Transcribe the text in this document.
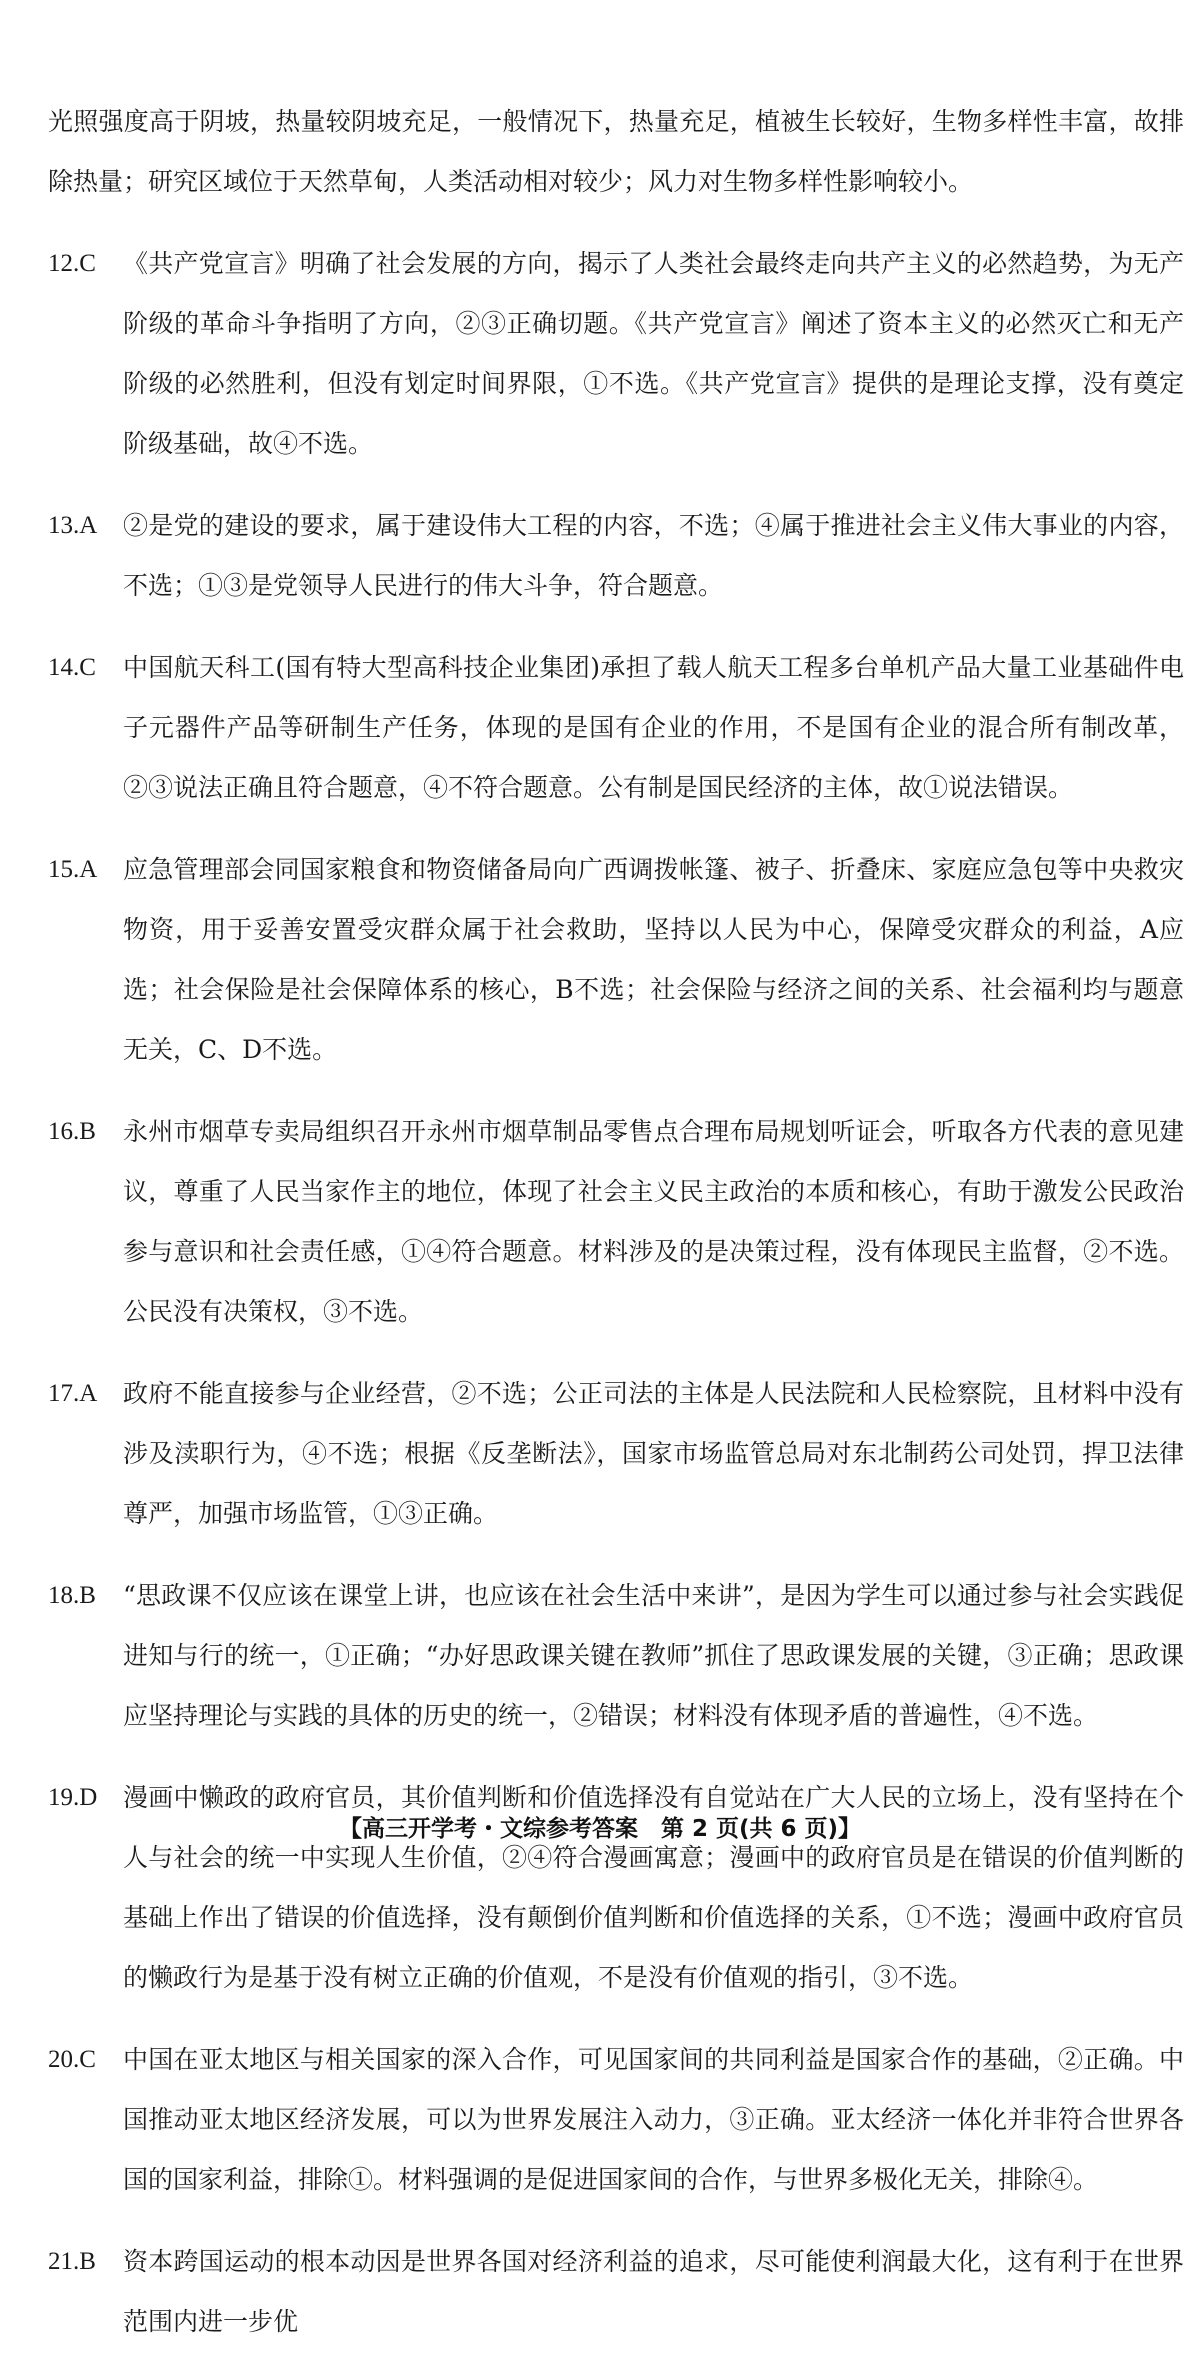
光照强度高于阴坡，热量较阴坡充足，一般情况下，热量充足，植被生长较好，生物多样性丰富，故排除热量；研究区域位于天然草甸，人类活动相对较少；风力对生物多样性影响较小。

12.C	《共产党宣言》明确了社会发展的方向，揭示了人类社会最终走向共产主义的必然趋势，为无产阶级的革命斗争指明了方向，②③正确切题。《共产党宣言》阐述了资本主义的必然灭亡和无产阶级的必然胜利，但没有划定时间界限，①不选。《共产党宣言》提供的是理论支撑，没有奠定阶级基础，故④不选。
13.A	②是党的建设的要求，属于建设伟大工程的内容，不选；④属于推进社会主义伟大事业的内容，不选；①③是党领导人民进行的伟大斗争，符合题意。
14.C	中国航天科工(国有特大型高科技企业集团)承担了载人航天工程多台单机产品大量工业基础件电子元器件产品等研制生产任务，体现的是国有企业的作用，不是国有企业的混合所有制改革，②③说法正确且符合题意，④不符合题意。公有制是国民经济的主体，故①说法错误。
15.A	应急管理部会同国家粮食和物资储备局向广西调拨帐篷、被子、折叠床、家庭应急包等中央救灾物资，用于妥善安置受灾群众属于社会救助，坚持以人民为中心，保障受灾群众的利益，A应选；社会保险是社会保障体系的核心，B不选；社会保险与经济之间的关系、社会福利均与题意无关，C、D不选。
16.B	永州市烟草专卖局组织召开永州市烟草制品零售点合理布局规划听证会，听取各方代表的意见建议，尊重了人民当家作主的地位，体现了社会主义民主政治的本质和核心，有助于激发公民政治参与意识和社会责任感，①④符合题意。材料涉及的是决策过程，没有体现民主监督，②不选。公民没有决策权，③不选。
17.A	政府不能直接参与企业经营，②不选；公正司法的主体是人民法院和人民检察院，且材料中没有涉及渎职行为，④不选；根据《反垄断法》，国家市场监管总局对东北制药公司处罚，捍卫法律尊严，加强市场监管，①③正确。
18.B	“思政课不仅应该在课堂上讲，也应该在社会生活中来讲”，是因为学生可以通过参与社会实践促进知与行的统一，①正确；“办好思政课关键在教师”抓住了思政课发展的关键，③正确；思政课应坚持理论与实践的具体的历史的统一，②错误；材料没有体现矛盾的普遍性，④不选。
19.D	漫画中懒政的政府官员，其价值判断和价值选择没有自觉站在广大人民的立场上，没有坚持在个人与社会的统一中实现人生价值，②④符合漫画寓意；漫画中的政府官员是在错误的价值判断的基础上作出了错误的价值选择，没有颠倒价值判断和价值选择的关系，①不选；漫画中政府官员的懒政行为是基于没有树立正确的价值观，不是没有价值观的指引，③不选。
20.C	中国在亚太地区与相关国家的深入合作，可见国家间的共同利益是国家合作的基础，②正确。中国推动亚太地区经济发展，可以为世界发展注入动力，③正确。亚太经济一体化并非符合世界各国的国家利益，排除①。材料强调的是促进国家间的合作，与世界多极化无关，排除④。
21.B	资本跨国运动的根本动因是世界各国对经济利益的追求，尽可能使利润最大化，这有利于在世界范围内进一步优
【高三开学考・文综参考答案　第 2 页(共 6 页)】
